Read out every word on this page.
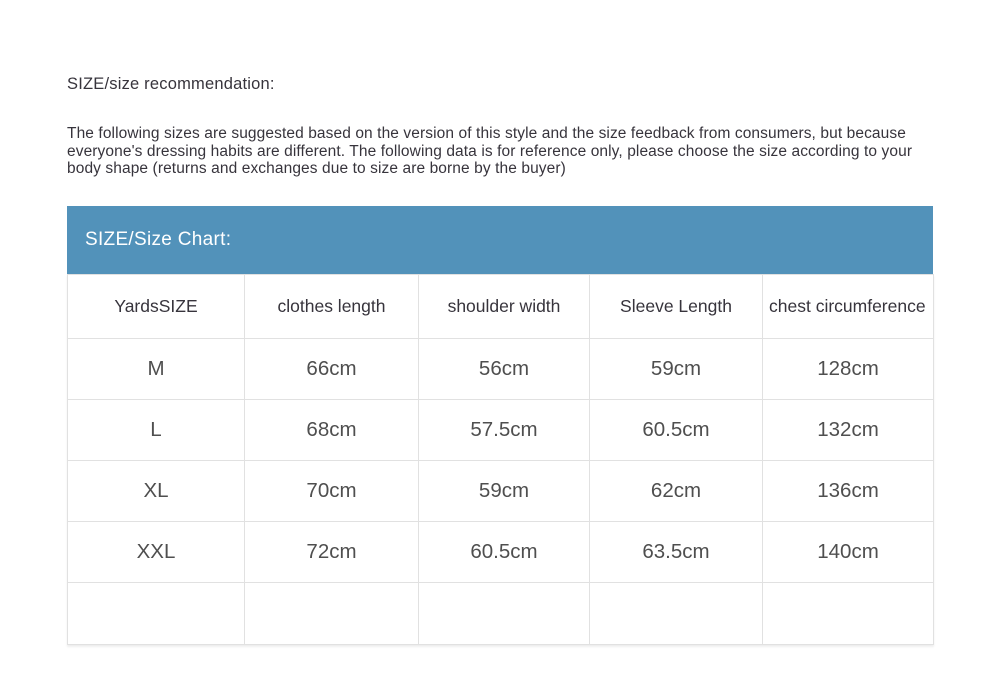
SIZE/size recommendation:
The following sizes are suggested based on the version of this style and the size feedback from consumers, but because everyone's dressing habits are different. The following data is for reference only, please choose the size according to your body shape (returns and exchanges due to size are borne by the buyer)
SIZE/Size Chart:
YardsSIZE	clothes length	shoulder width	Sleeve Length	chest circumference
M	66cm	56cm	59cm	128cm
L	68cm	57.5cm	60.5cm	132cm
XL	70cm	59cm	62cm	136cm
XXL	72cm	60.5cm	63.5cm	140cm
